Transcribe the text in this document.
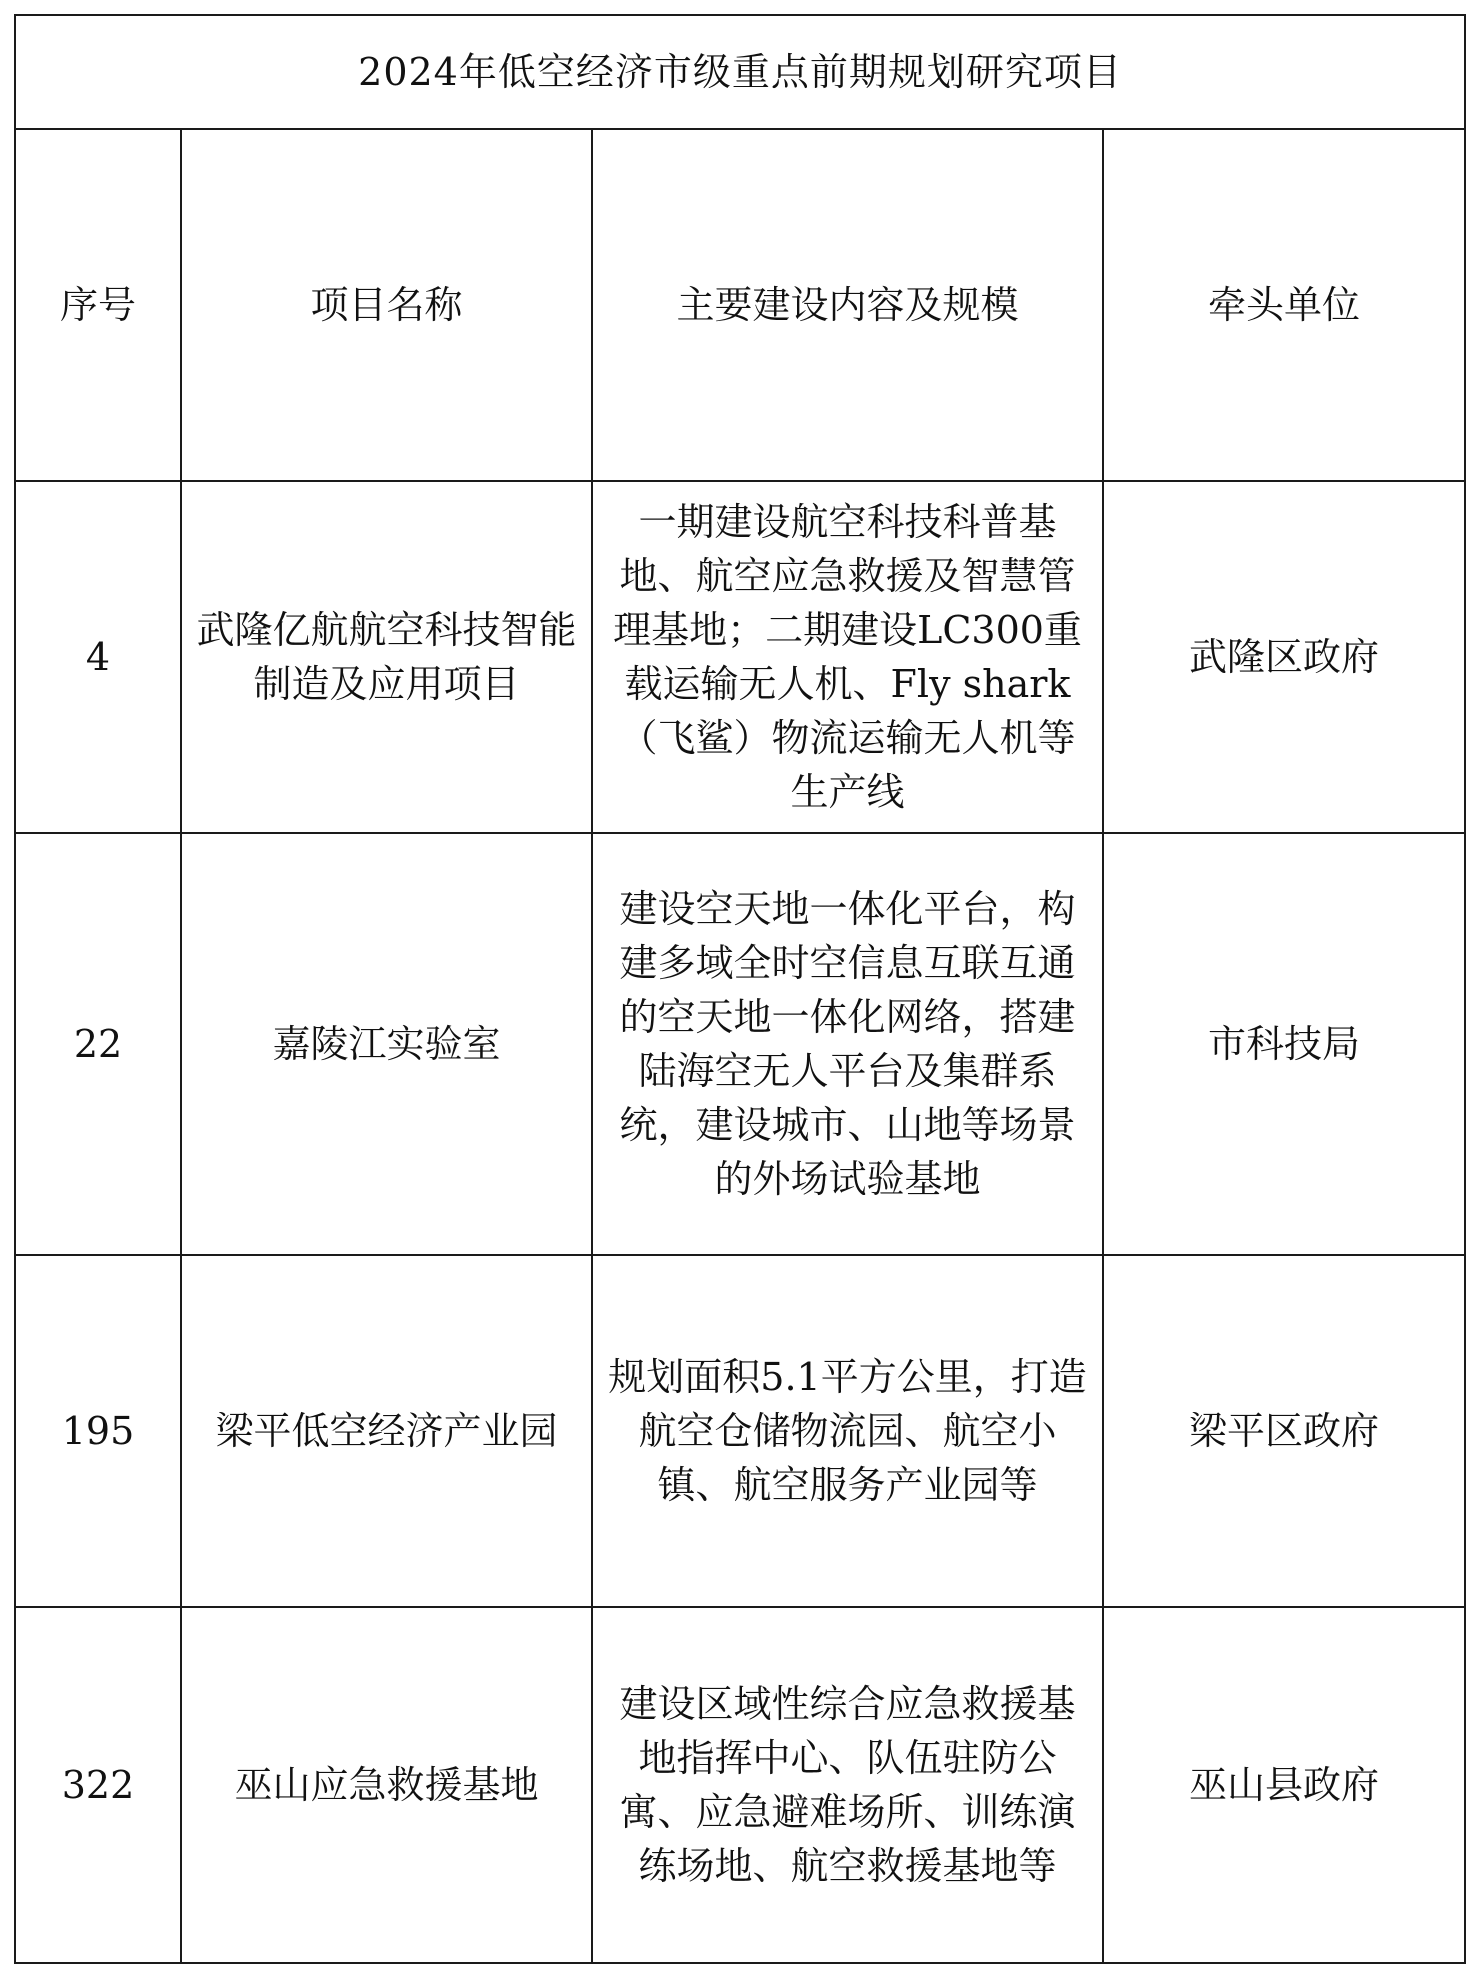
2024年低空经济市级重点前期规划研究项目			
序号	项目名称	主要建设内容及规模	牵头单位
4	武隆亿航航空科技智能制造及应用项目	一期建设航空科技科普基地、航空应急救援及智慧管理基地；二期建设LC300重载运输无人机、Fly shark（飞鲨）物流运输无人机等生产线	武隆区政府
22	嘉陵江实验室	建设空天地一体化平台，构建多域全时空信息互联互通的空天地一体化网络，搭建陆海空无人平台及集群系统，建设城市、山地等场景的外场试验基地	市科技局
195	梁平低空经济产业园	规划面积5.1平方公里，打造航空仓储物流园、航空小镇、航空服务产业园等	梁平区政府
322	巫山应急救援基地	建设区域性综合应急救援基地指挥中心、队伍驻防公寓、应急避难场所、训练演练场地、航空救援基地等	巫山县政府
